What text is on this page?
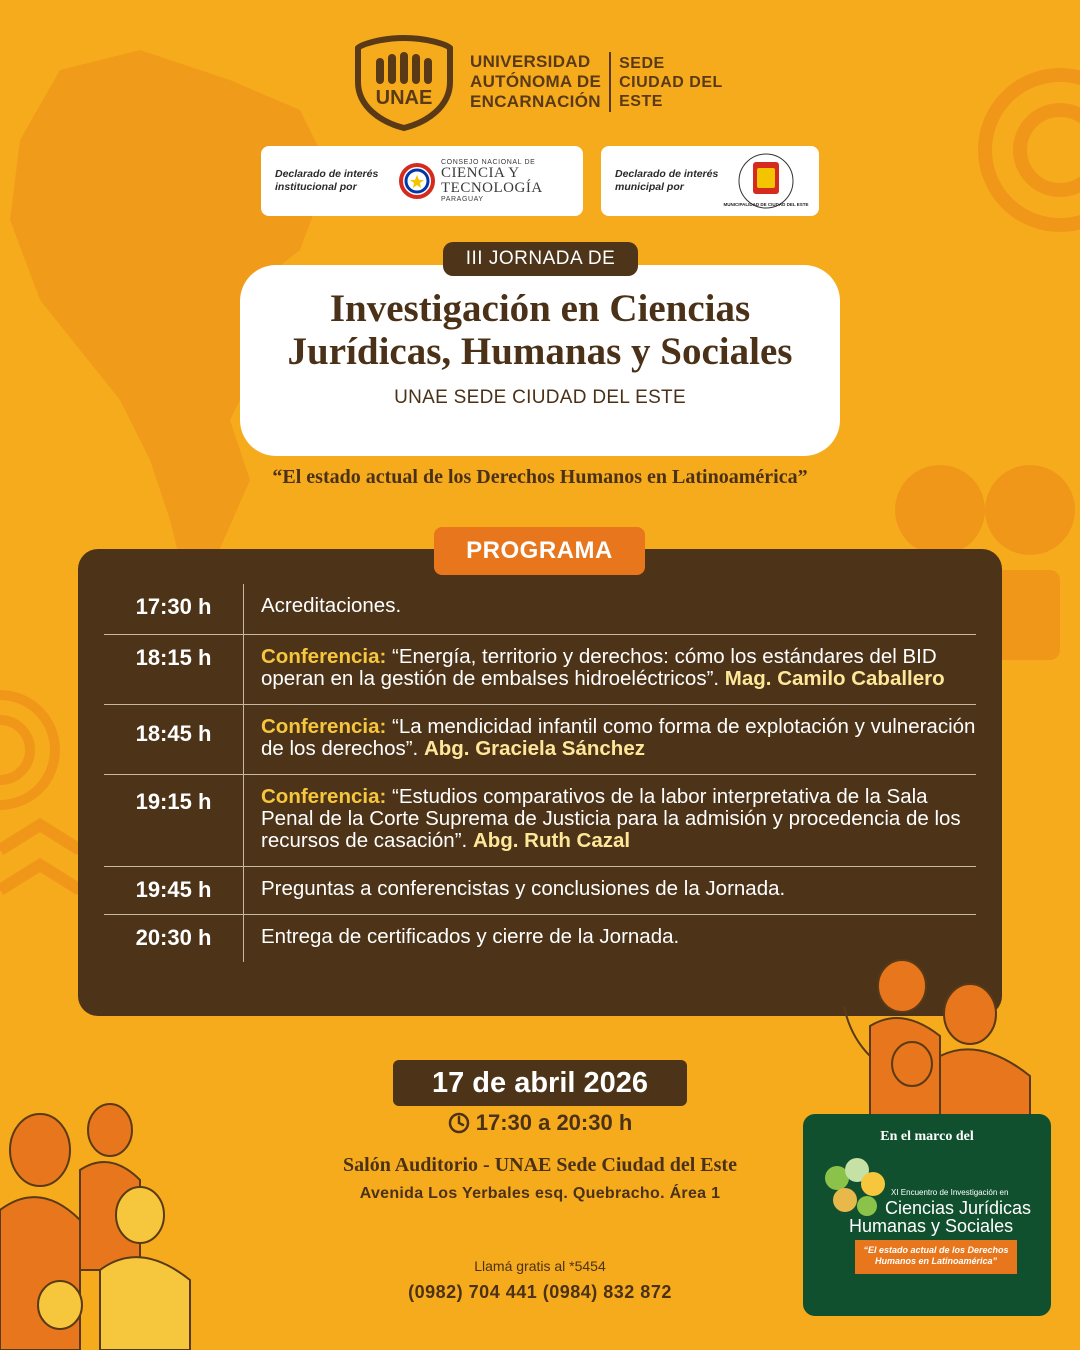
UNAE
UNIVERSIDAD
AUTÓNOMA DE
ENCARNACIÓN
SEDE
CIUDAD DEL
ESTE
Declarado de interés institucional por
CONSEJO NACIONAL DE
CIENCIA Y
TECNOLOGÍA
PARAGUAY
Declarado de interés municipal por
MUNICIPALIDAD DE CIUDAD DEL ESTE
Investigación en Ciencias Jurídicas, Humanas y Sociales
UNAE SEDE CIUDAD DEL ESTE
III JORNADA DE
“El estado actual de los Derechos Humanos en Latinoamérica”
PROGRAMA
17:30 h	Acreditaciones.
18:15 h	Conferencia: “Energía, territorio y derechos: cómo los estándares del BID operan en la gestión de embalses hidroeléctricos”. Mag. Camilo Caballero
18:45 h	Conferencia: “La mendicidad infantil como forma de explotación y vulneración de los derechos”. Abg. Graciela Sánchez
19:15 h	Conferencia: “Estudios comparativos de la labor interpretativa de la Sala Penal de la Corte Suprema de Justicia para la admisión y procedencia de los recursos de casación”. Abg. Ruth Cazal
19:45 h	Preguntas a conferencistas y conclusiones de la Jornada.
20:30 h	Entrega de certificados y cierre de la Jornada.
17 de abril 2026
17:30 a 20:30 h
Salón Auditorio - UNAE Sede Ciudad del Este
Avenida Los Yerbales esq. Quebracho. Área 1
Llamá gratis al *5454
(0982) 704 441 (0984) 832 872
En el marco del
XI Encuentro de Investigación en
Ciencias Jurídicas
Humanas y Sociales
“El estado actual de los Derechos Humanos en Latinoamérica”
